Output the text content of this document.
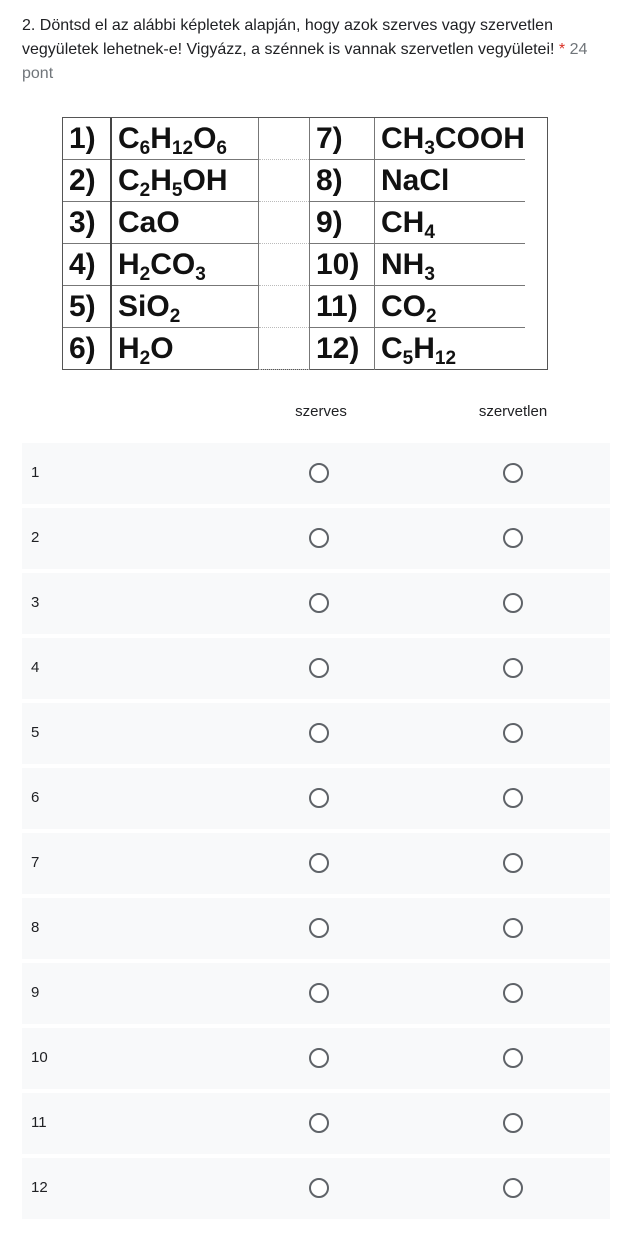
2. Döntsd el az alábbi képletek alapján, hogy azok szerves vagy szervetlen vegyületek lehetnek-e! Vigyázz, a szénnek is vannak szervetlen vegyületei! * 24 pont
1)	$C_6H_{12}O_6$		7)	$CH_3COOH$
2)	$C_2H_5OH$		8)	NaCl
3)	CaO		9)	$CH_4$
4)	$H_2CO_3$		10)	$NH_3$
5)	SiO$_2$		11)	$CO_2$
6)	$H_2O$		12)	$C_5H_{12}$
szerves	szervetlen
1
2
3
4
5
6
7
8
9
10
11
12
